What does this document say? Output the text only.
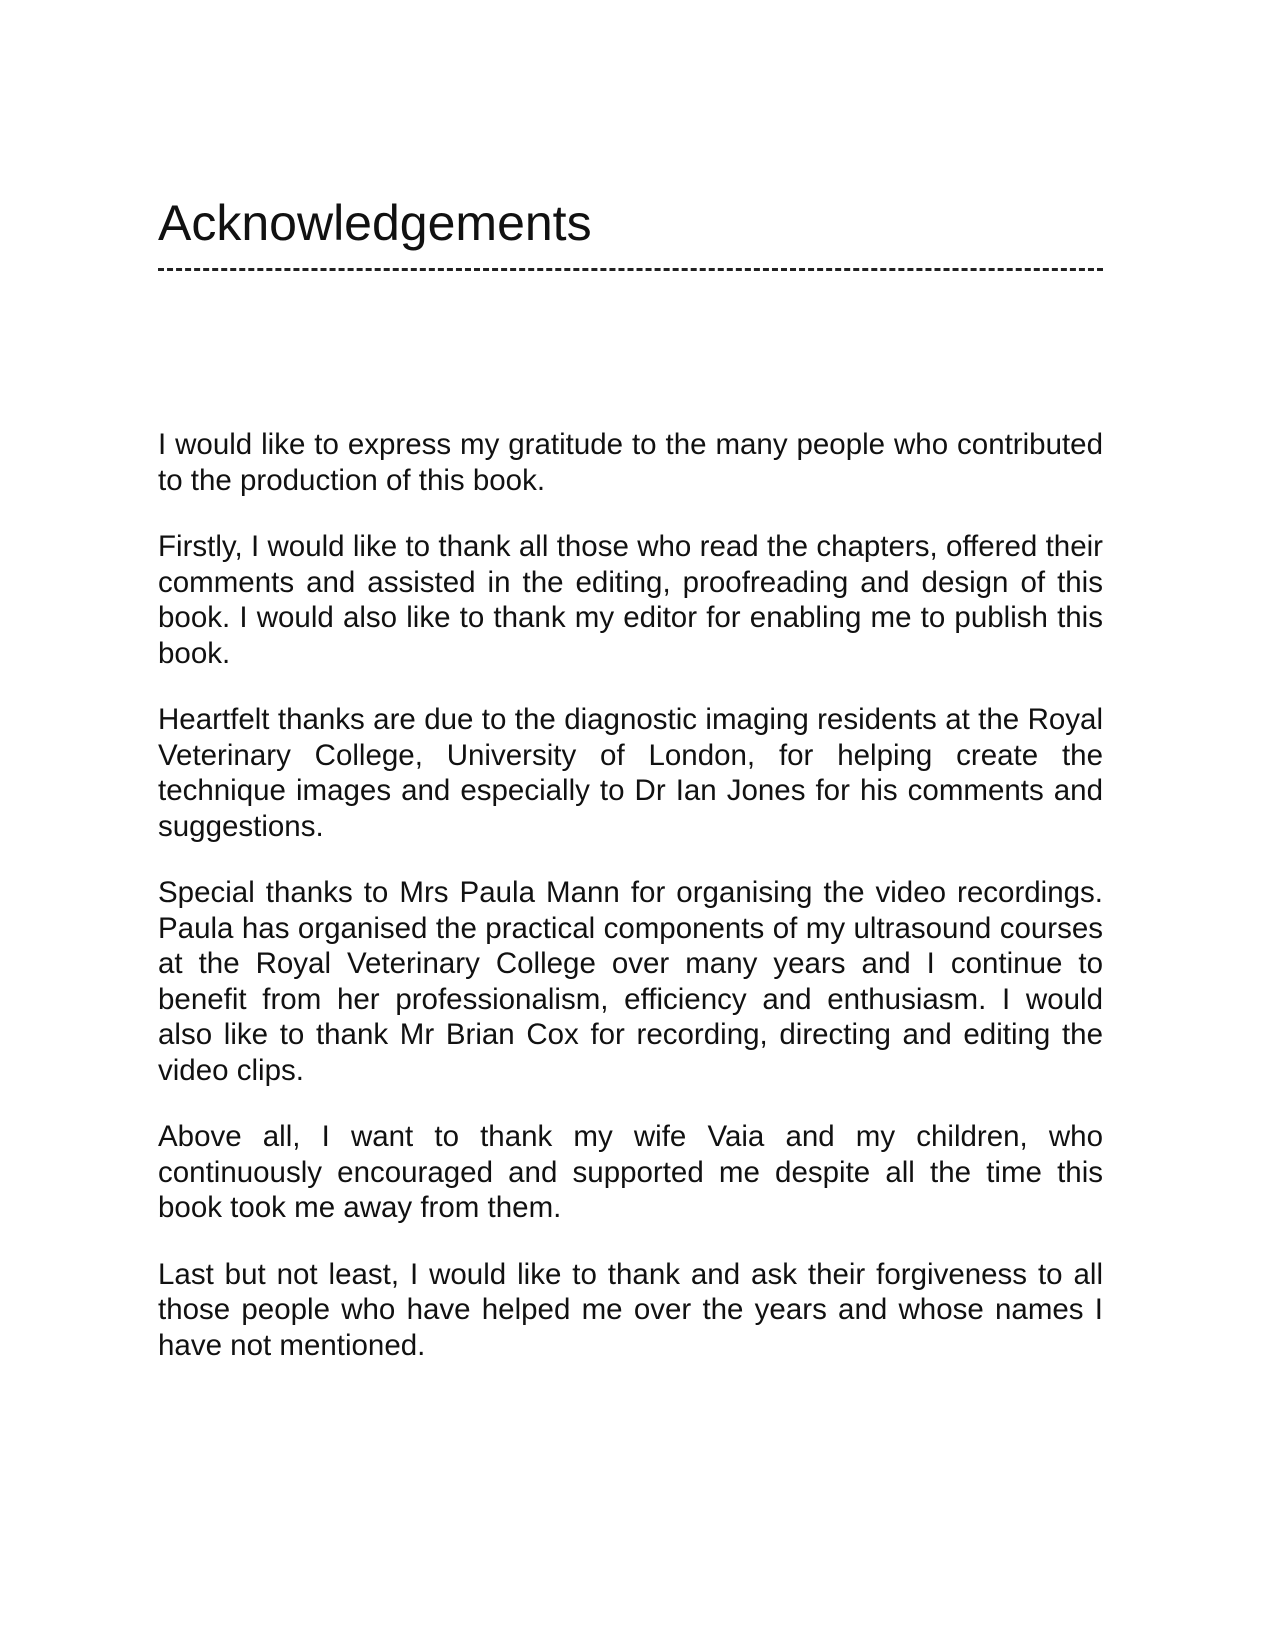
Acknowledgements

I would like to express my gratitude to the many people who contributed to the production of this book.

Firstly, I would like to thank all those who read the chapters, offered their comments and assisted in the editing, proofreading and design of this book. I would also like to thank my editor for enabling me to publish this book.

Heartfelt thanks are due to the diagnostic imaging residents at the Royal Veterinary College, University of London, for helping create the technique images and especially to Dr Ian Jones for his comments and suggestions.

Special thanks to Mrs Paula Mann for organising the video recordings. Paula has organised the practical components of my ultrasound courses at the Royal Veterinary College over many years and I continue to benefit from her professionalism, efficiency and enthusiasm. I would also like to thank Mr Brian Cox for recording, directing and editing the video clips.

Above all, I want to thank my wife Vaia and my children, who continuously encouraged and supported me despite all the time this book took me away from them.

Last but not least, I would like to thank and ask their forgiveness to all those people who have helped me over the years and whose names I have not mentioned.
